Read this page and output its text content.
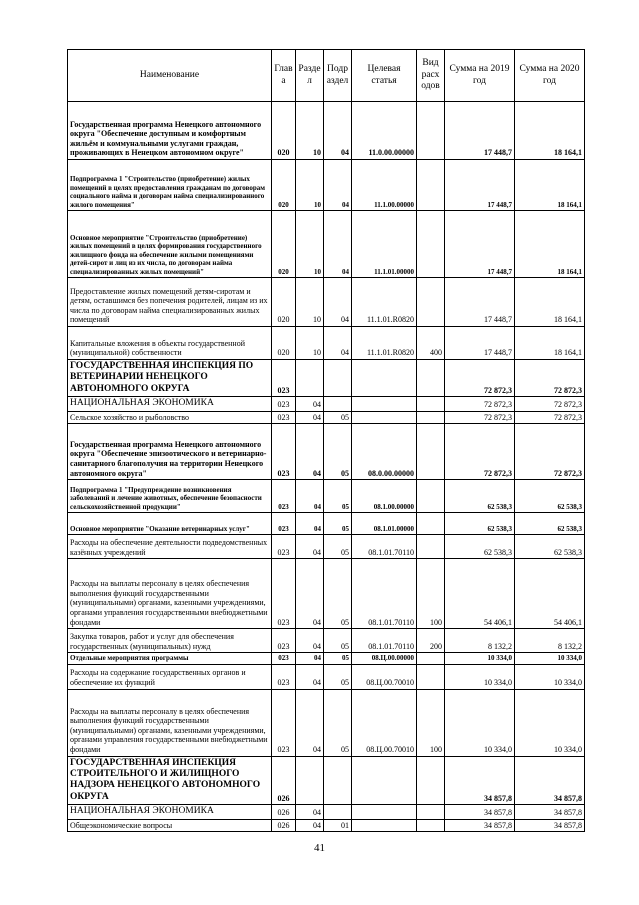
Наименование	Глав а	Разде л	Подр аздел	Целевая статья	Вид расх одов	Сумма на 2019 год	Сумма на 2020 год
Государственная программа Ненецкого автономного округа "Обеспечение доступным и комфортным жильём и коммунальными услугами граждан, проживающих в Ненецком автономном округе"	020	10	04	11.0.00.00000		17 448,7	18 164,1
Подпрограмма 1 "Строительство (приобретение) жилых помещений в целях предоставления гражданам по договорам социального найма и договорам найма специализированного жилого помещения"	020	10	04	11.1.00.00000		17 448,7	18 164,1
Основное мероприятие "Строительство (приобретение) жилых помещений в целях формирования государственного жилищного фонда на обеспечение жилыми помещениями детей-сирот и лиц из их числа, по договорам найма специализированных жилых помещений"	020	10	04	11.1.01.00000		17 448,7	18 164,1
Предоставление жилых помещений детям-сиротам и детям, оставшимся без попечения родителей, лицам из их числа по договорам найма специализированных жилых помещений	020	10	04	11.1.01.R0820		17 448,7	18 164,1
Капитальные вложения в объекты государственной (муниципальной) собственности	020	10	04	11.1.01.R0820	400	17 448,7	18 164,1
ГОСУДАРСТВЕННАЯ ИНСПЕКЦИЯ ПО ВЕТЕРИНАРИИ НЕНЕЦКОГО АВТОНОМНОГО ОКРУГА	023					72 872,3	72 872,3
НАЦИОНАЛЬНАЯ ЭКОНОМИКА	023	04				72 872,3	72 872,3
Сельское хозяйство и рыболовство	023	04	05			72 872,3	72 872,3
Государственная программа Ненецкого автономного округа "Обеспечение эпизоотического и ветеринарно-санитарного благополучия на территории Ненецкого автономного округа"	023	04	05	08.0.00.00000		72 872,3	72 872,3
Подпрограмма 1 "Предупреждение возникновения заболеваний и лечение животных, обеспечение безопасности сельскохозяйственной продукции"	023	04	05	08.1.00.00000		62 538,3	62 538,3
Основное мероприятие "Оказание ветеринарных услуг"	023	04	05	08.1.01.00000		62 538,3	62 538,3
Расходы на обеспечение деятельности подведомственных казённых учреждений	023	04	05	08.1.01.70110		62 538,3	62 538,3
Расходы на выплаты персоналу в целях обеспечения выполнения функций государственными (муниципальными) органами, казенными учреждениями, органами управления государственными внебюджетными фондами	023	04	05	08.1.01.70110	100	54 406,1	54 406,1
Закупка товаров, работ и услуг для обеспечения государственных (муниципальных) нужд	023	04	05	08.1.01.70110	200	8 132,2	8 132,2
Отдельные мероприятия программы	023	04	05	08.Ц.00.00000		10 334,0	10 334,0
Расходы на содержание государственных органов и обеспечение их функций	023	04	05	08.Ц.00.70010		10 334,0	10 334,0
Расходы на выплаты персоналу в целях обеспечения выполнения функций государственными (муниципальными) органами, казенными учреждениями, органами управления государственными внебюджетными фондами	023	04	05	08.Ц.00.70010	100	10 334,0	10 334,0
ГОСУДАРСТВЕННАЯ ИНСПЕКЦИЯ СТРОИТЕЛЬНОГО И ЖИЛИЩНОГО НАДЗОРА НЕНЕЦКОГО АВТОНОМНОГО ОКРУГА	026					34 857,8	34 857,8
НАЦИОНАЛЬНАЯ ЭКОНОМИКА	026	04				34 857,8	34 857,8
Общеэкономические вопросы	026	04	01			34 857,8	34 857,8
41
